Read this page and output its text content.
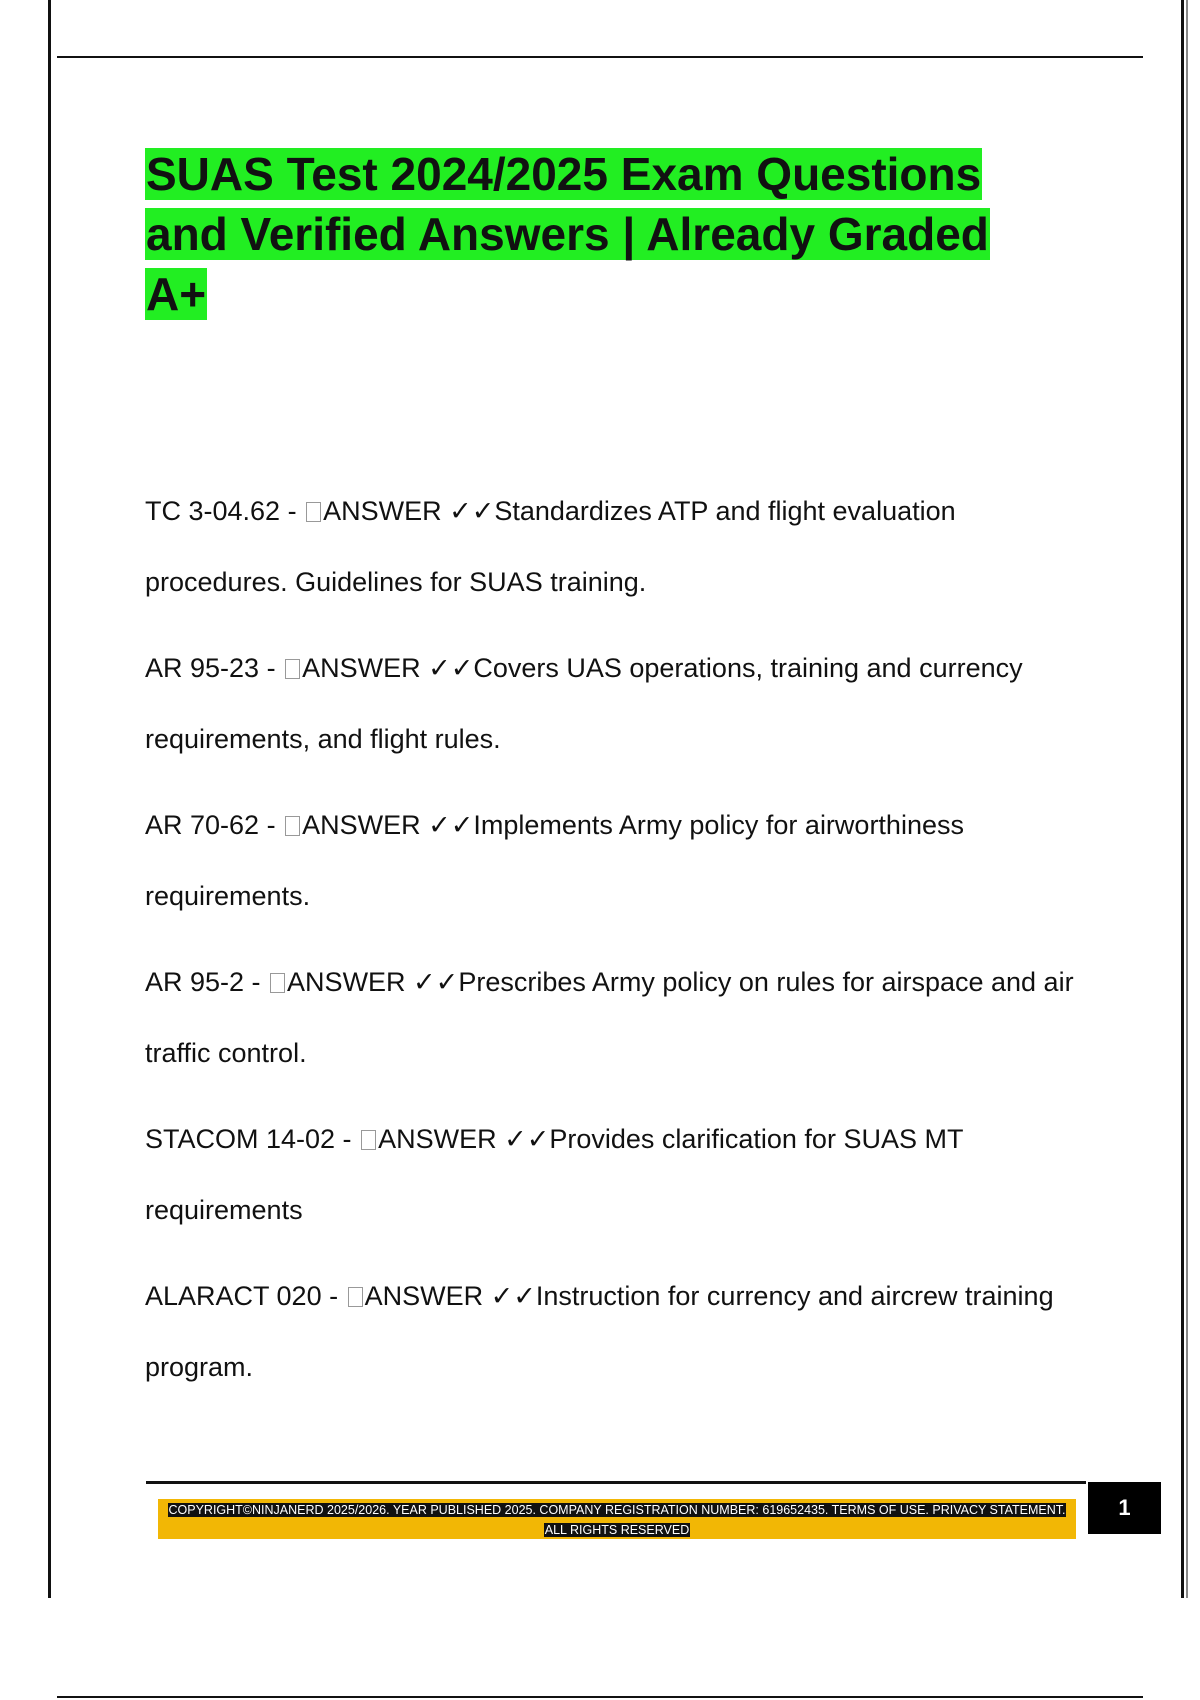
SUAS Test 2024/2025 Exam Questions and Verified Answers | Already Graded A+

TC 3-04.62 - ANSWER ✓✓Standardizes ATP and flight evaluation procedures. Guidelines for SUAS training.

AR 95-23 - ANSWER ✓✓Covers UAS operations, training and currency requirements, and flight rules.

AR 70-62 - ANSWER ✓✓Implements Army policy for airworthiness requirements.

AR 95-2 - ANSWER ✓✓Prescribes Army policy on rules for airspace and air traffic control.

STACOM 14-02 - ANSWER ✓✓Provides clarification for SUAS MT requirements

ALARACT 020 - ANSWER ✓✓Instruction for currency and aircrew training program.

COPYRIGHT©NINJANERD 2025/2026. YEAR PUBLISHED 2025. COMPANY REGISTRATION NUMBER: 619652435. TERMS OF USE. PRIVACY STATEMENT. ALL RIGHTS RESERVED
1
